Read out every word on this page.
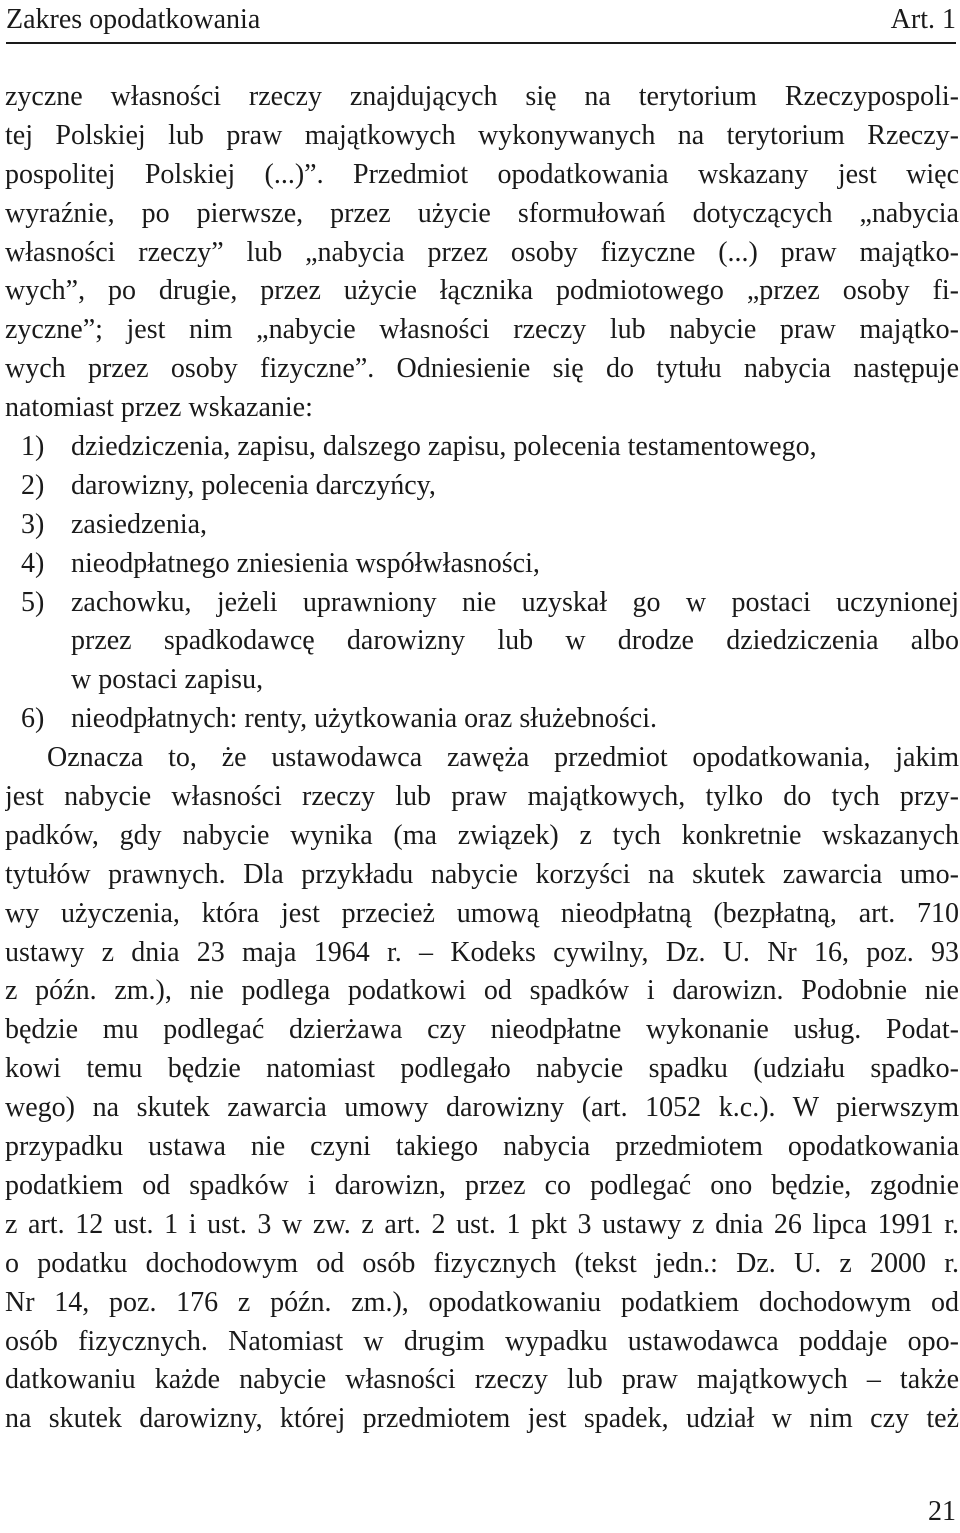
Zakres opodatkowania	Art. 1
zyczne własności rzeczy znajdujących się na terytorium Rzeczypospoli-
tej Polskiej lub praw majątkowych wykonywanych na terytorium Rzeczy-
pospolitej Polskiej (...)”. Przedmiot opodatkowania wskazany jest więc
wyraźnie, po pierwsze, przez użycie sformułowań dotyczących „nabycia
własności rzeczy” lub „nabycia przez osoby fizyczne (...) praw majątko-
wych”, po drugie, przez użycie łącznika podmiotowego „przez osoby fi-
zyczne”; jest nim „nabycie własności rzeczy lub nabycie praw majątko-
wych przez osoby fizyczne”. Odniesienie się do tytułu nabycia następuje
natomiast przez wskazanie:
1) dziedziczenia, zapisu, dalszego zapisu, polecenia testamentowego,
2) darowizny, polecenia darczyńcy,
3) zasiedzenia,
4) nieodpłatnego zniesienia współwłasności,
5) zachowku, jeżeli uprawniony nie uzyskał go w postaci uczynionej
przez spadkodawcę darowizny lub w drodze dziedziczenia albo
w postaci zapisu,
6) nieodpłatnych: renty, użytkowania oraz służebności.
Oznacza to, że ustawodawca zawęża przedmiot opodatkowania, jakim
jest nabycie własności rzeczy lub praw majątkowych, tylko do tych przy-
padków, gdy nabycie wynika (ma związek) z tych konkretnie wskazanych
tytułów prawnych. Dla przykładu nabycie korzyści na skutek zawarcia umo-
wy użyczenia, która jest przecież umową nieodpłatną (bezpłatną, art. 710
ustawy z dnia 23 maja 1964 r. – Kodeks cywilny, Dz. U. Nr 16, poz. 93
z późn. zm.), nie podlega podatkowi od spadków i darowizn. Podobnie nie
będzie mu podlegać dzierżawa czy nieodpłatne wykonanie usług. Podat-
kowi temu będzie natomiast podlegało nabycie spadku (udziału spadko-
wego) na skutek zawarcia umowy darowizny (art. 1052 k.c.). W pierwszym
przypadku ustawa nie czyni takiego nabycia przedmiotem opodatkowania
podatkiem od spadków i darowizn, przez co podlegać ono będzie, zgodnie
z art. 12 ust. 1 i ust. 3 w zw. z art. 2 ust. 1 pkt 3 ustawy z dnia 26 lipca 1991 r.
o podatku dochodowym od osób fizycznych (tekst jedn.: Dz. U. z 2000 r.
Nr 14, poz. 176 z późn. zm.), opodatkowaniu podatkiem dochodowym od
osób fizycznych. Natomiast w drugim wypadku ustawodawca poddaje opo-
datkowaniu każde nabycie własności rzeczy lub praw majątkowych – także
na skutek darowizny, której przedmiotem jest spadek, udział w nim czy też
21
